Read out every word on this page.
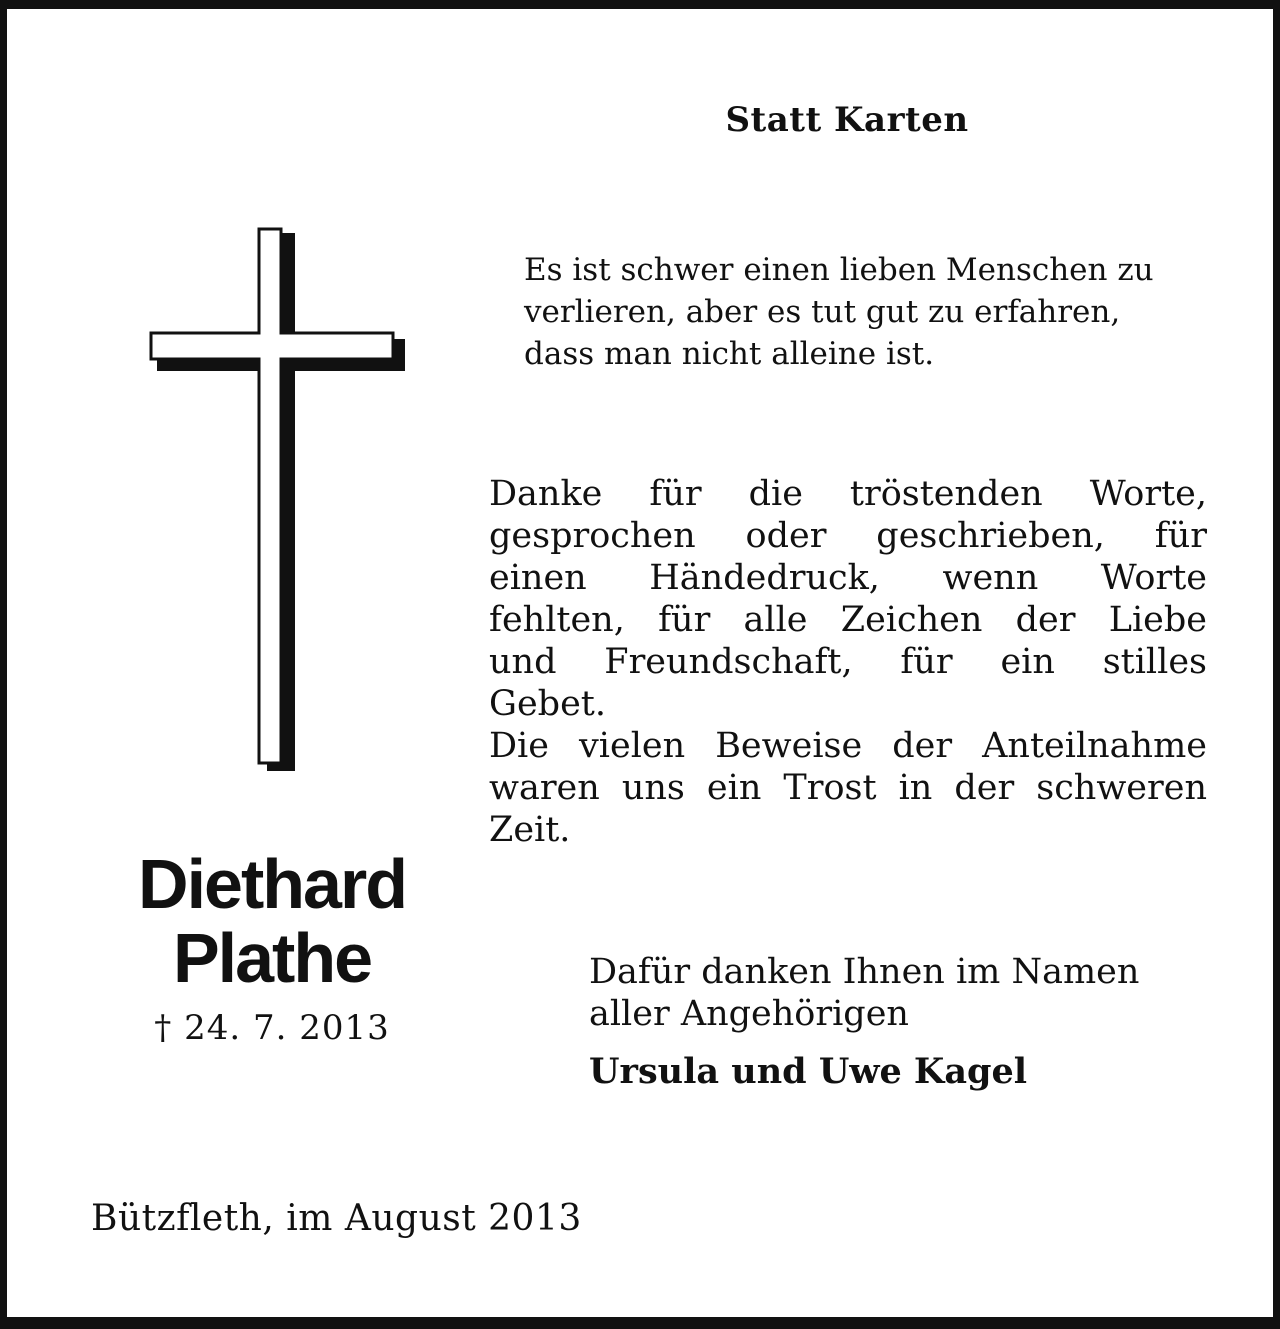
Statt Karten
Es ist schwer einen lieben Menschen zu
verlieren, aber es tut gut zu erfahren,
dass man nicht alleine ist.
Danke für die tröstenden Worte,
gesprochen oder geschrieben, für
einen Händedruck, wenn Worte
fehlten, für alle Zeichen der Liebe
und Freundschaft, für ein stilles
Gebet.
Die vielen Beweise der Anteilnahme
waren uns ein Trost in der schweren
Zeit.
Diethard
Plathe
† 24. 7. 2013
Dafür danken Ihnen im Namen
aller Angehörigen
Ursula und Uwe Kagel
Bützfleth, im August 2013
